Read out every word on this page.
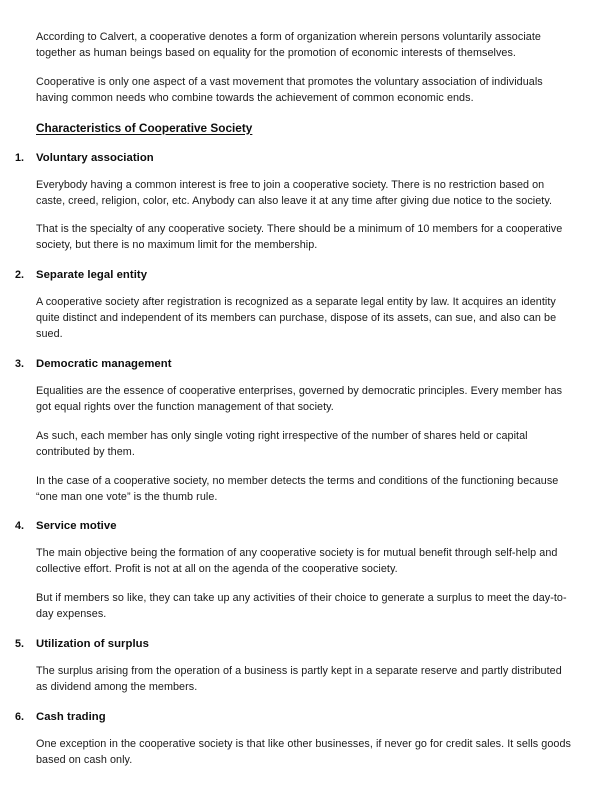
According to Calvert, a cooperative denotes a form of organization wherein persons voluntarily associate together as human beings based on equality for the promotion of economic interests of themselves.

Cooperative is only one aspect of a vast movement that promotes the voluntary association of individuals having common needs who combine towards the achievement of common economic ends.

Characteristics of Cooperative Society
1.	Voluntary association

Everybody having a common interest is free to join a cooperative society. There is no restriction based on caste, creed, religion, color, etc. Anybody can also leave it at any time after giving due notice to the society.

That is the specialty of any cooperative society. There should be a minimum of 10 members for a cooperative society, but there is no maximum limit for the membership.

2.	Separate legal entity

A cooperative society after registration is recognized as a separate legal entity by law. It acquires an identity quite distinct and independent of its members can purchase, dispose of its assets, can sue, and also can be sued.

3.	Democratic management

Equalities are the essence of cooperative enterprises, governed by democratic principles. Every member has got equal rights over the function management of that society.

As such, each member has only single voting right irrespective of the number of shares held or capital contributed by them.

In the case of a cooperative society, no member detects the terms and conditions of the functioning because “one man one vote” is the thumb rule.

4.	Service motive

The main objective being the formation of any cooperative society is for mutual benefit through self-help and collective effort. Profit is not at all on the agenda of the cooperative society.

But if members so like, they can take up any activities of their choice to generate a surplus to meet the day-to-day expenses.

5.	Utilization of surplus

The surplus arising from the operation of a business is partly kept in a separate reserve and partly distributed as dividend among the members.

6.	Cash trading

One exception in the cooperative society is that like other businesses, if never go for credit sales. It sells goods based on cash only.
